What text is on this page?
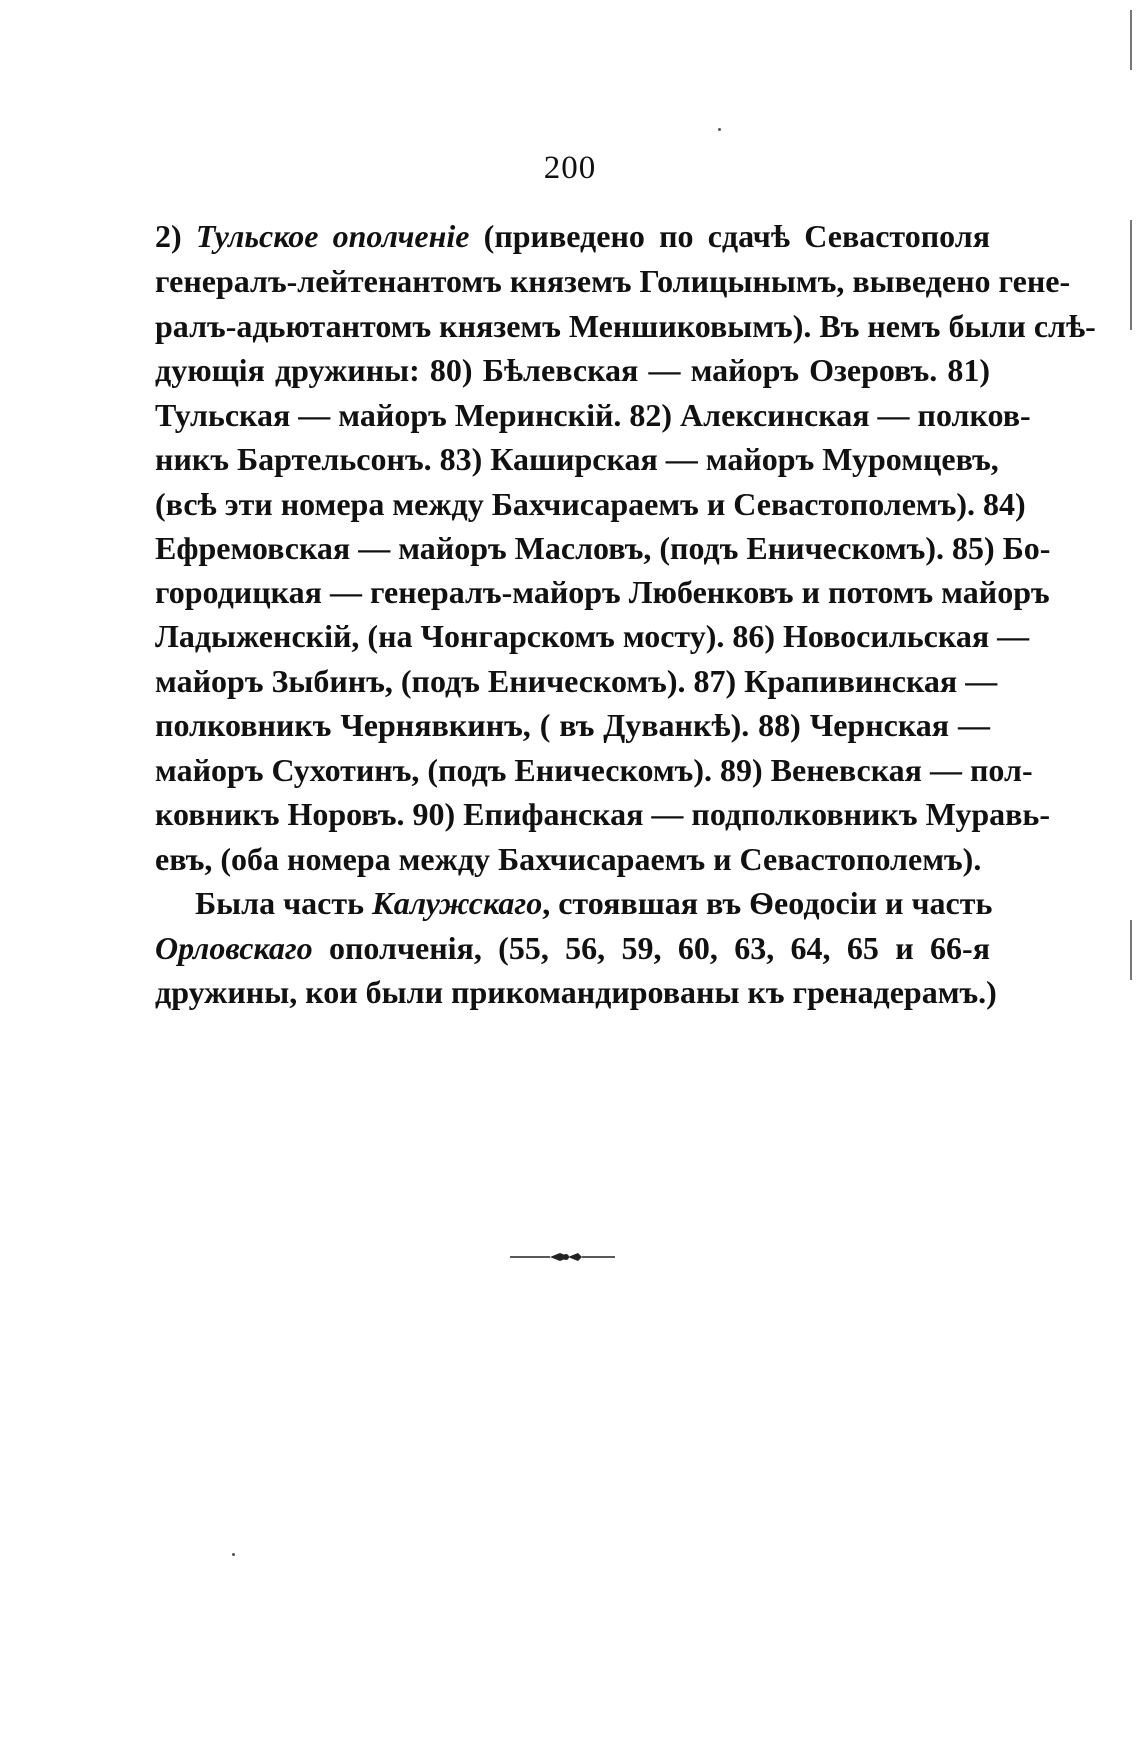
200
2) Тульское ополченіе (приведено по сдачѣ Севастополя
генералъ-лейтенантомъ княземъ Голицынымъ, выведено гене-
ралъ-адьютантомъ княземъ Меншиковымъ). Въ немъ были слѣ-
дующія дружины: 80) Бѣлевская — майоръ Озеровъ. 81)
Тульская — майоръ Меринскій. 82) Алексинская — полков-
никъ Бартельсонъ. 83) Каширская — майоръ Муромцевъ,
(всѣ эти номера между Бахчисараемъ и Севастополемъ). 84)
Ефремовская — майоръ Масловъ, (подъ Еническомъ). 85) Бо-
городицкая — генералъ-майоръ Любенковъ и потомъ майоръ
Ладыженскій, (на Чонгарскомъ мосту). 86) Новосильская —
майоръ Зыбинъ, (подъ Еническомъ). 87) Крапивинская —
полковникъ Чернявкинъ, ( въ Дуванкѣ). 88) Чернская —
майоръ Сухотинъ, (подъ Еническомъ). 89) Веневская — пол-
ковникъ Норовъ. 90) Епифанская — подполковникъ Муравь-
евъ, (оба номера между Бахчисараемъ и Севастополемъ).
Была часть Калужскаго, стоявшая въ Ѳеодосіи и часть
Орловскаго ополченія, (55, 56, 59, 60, 63, 64, 65 и 66-я
дружины, кои были прикомандированы къ гренадерамъ.)
